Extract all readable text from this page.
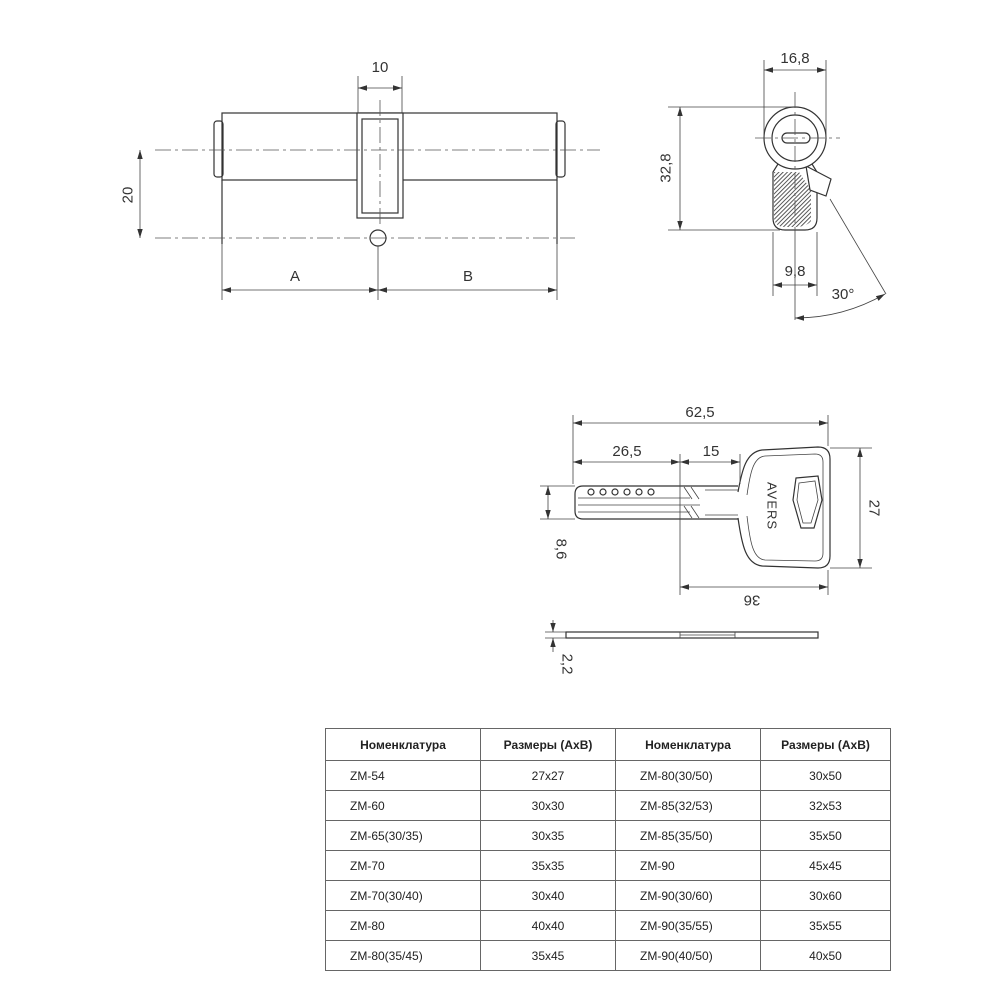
20
10
A	B
16,8
32,8
9,8
30°
AVERS
62,5
26,5	15
27
8,6
36
2,2
Номенклатура	Размеры (АхВ)	Номенклатура	Размеры (АхВ)
ZM-54	27x27	ZM-80(30/50)	30x50
ZM-60	30x30	ZM-85(32/53)	32x53
ZM-65(30/35)	30x35	ZM-85(35/50)	35x50
ZM-70	35x35	ZM-90	45x45
ZM-70(30/40)	30x40	ZM-90(30/60)	30x60
ZM-80	40x40	ZM-90(35/55)	35x55
ZM-80(35/45)	35x45	ZM-90(40/50)	40x50
